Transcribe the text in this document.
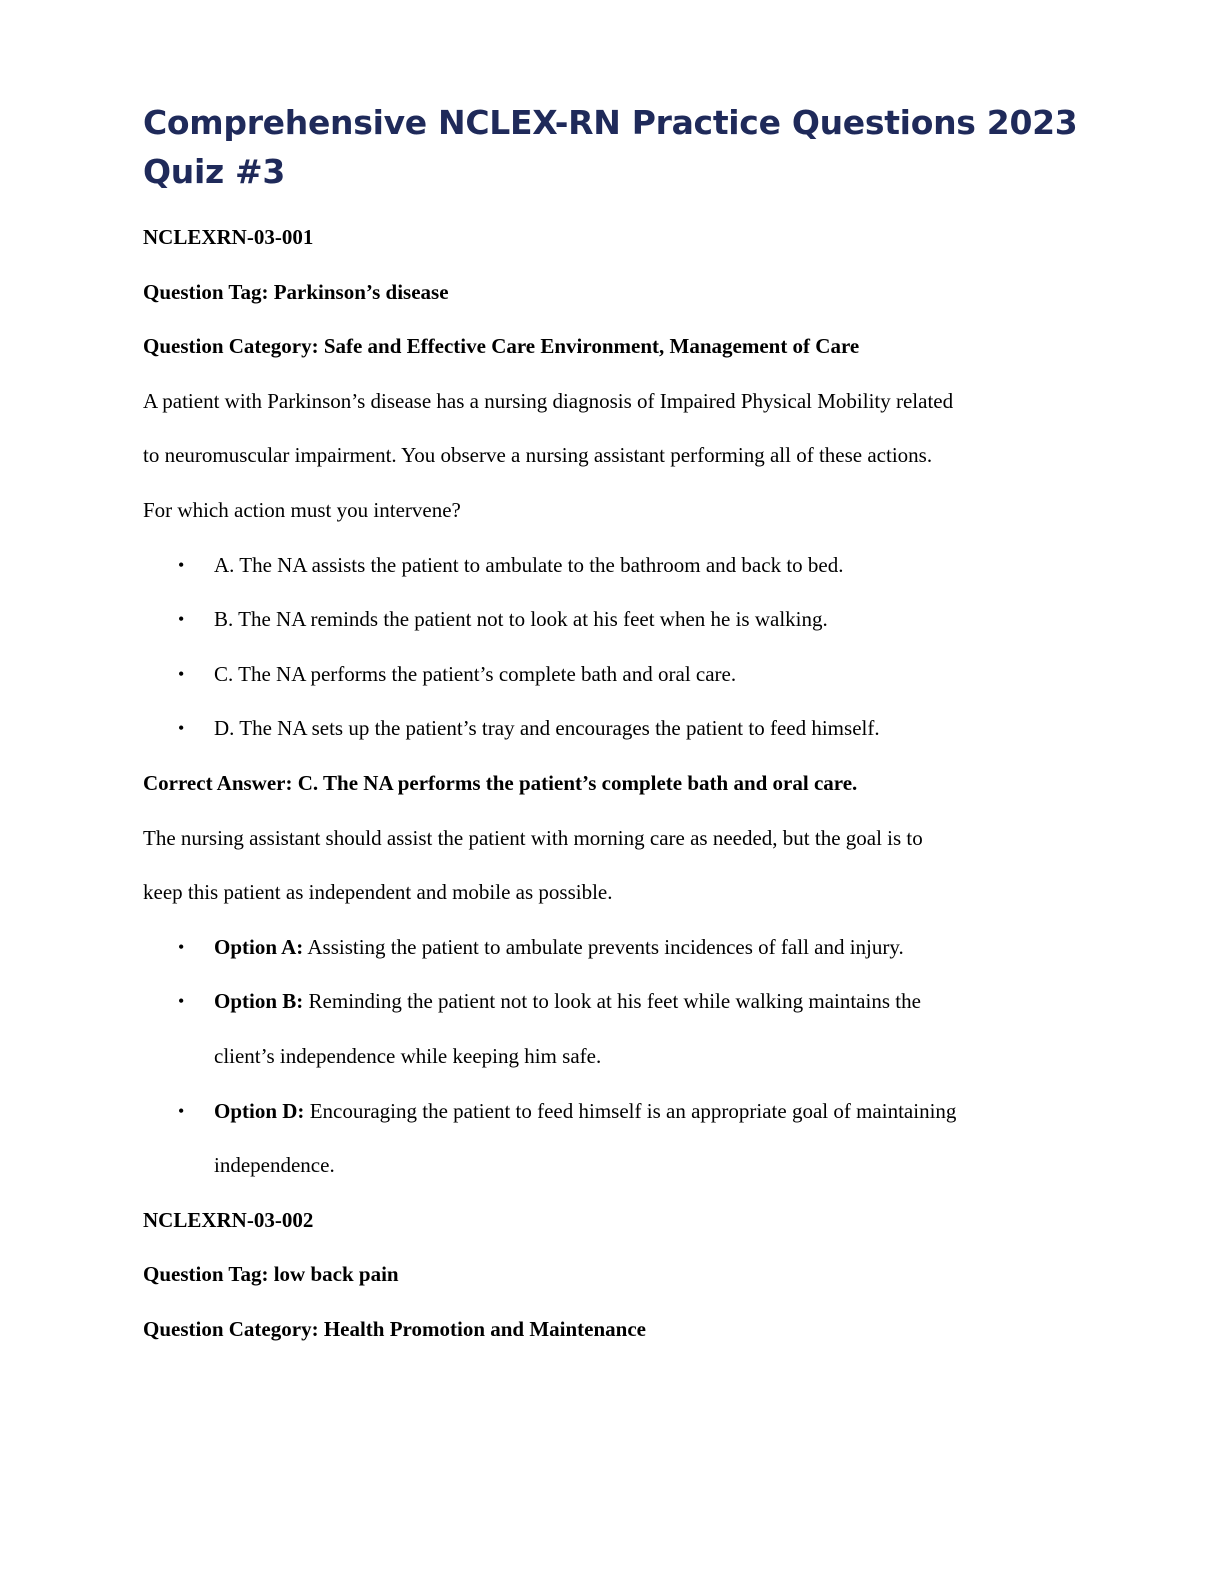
Comprehensive NCLEX-RN Practice Questions 2023
Quiz #3

NCLEXRN-03-001

Question Tag: Parkinson’s disease

Question Category: Safe and Effective Care Environment, Management of Care

A patient with Parkinson’s disease has a nursing diagnosis of Impaired Physical Mobility related

to neuromuscular impairment. You observe a nursing assistant performing all of these actions.

For which action must you intervene?

• A. The NA assists the patient to ambulate to the bathroom and back to bed.
• B. The NA reminds the patient not to look at his feet when he is walking.
• C. The NA performs the patient’s complete bath and oral care.
• D. The NA sets up the patient’s tray and encourages the patient to feed himself.

Correct Answer: C. The NA performs the patient’s complete bath and oral care.

The nursing assistant should assist the patient with morning care as needed, but the goal is to

keep this patient as independent and mobile as possible.

• Option A: Assisting the patient to ambulate prevents incidences of fall and injury.
• Option B: Reminding the patient not to look at his feet while walking maintains the
client’s independence while keeping him safe.
• Option D: Encouraging the patient to feed himself is an appropriate goal of maintaining
independence.

NCLEXRN-03-002

Question Tag: low back pain

Question Category: Health Promotion and Maintenance
